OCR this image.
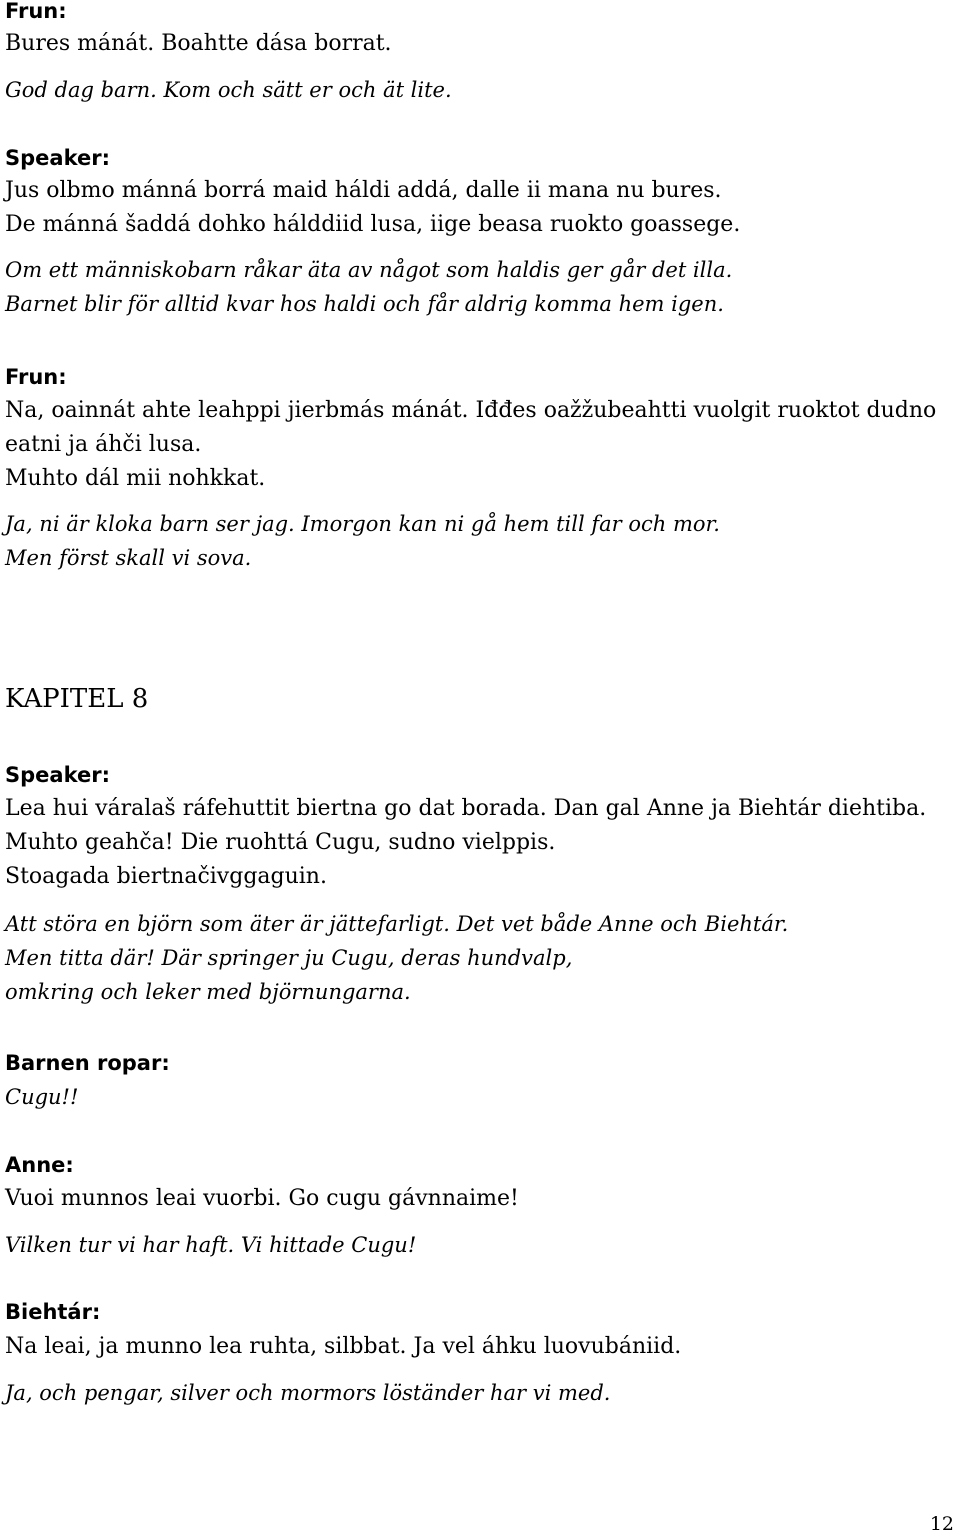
Frun:
Bures mánát. Boahtte dása borrat.
God dag barn. Kom och sätt er och ät lite.
Speaker:
Jus olbmo mánná borrá maid háldi addá, dalle ii mana nu bures.
De mánná šaddá dohko hálddiid lusa, iige beasa ruokto goassege.
Om ett människobarn råkar äta av något som haldis ger går det illa.
Barnet blir för alltid kvar hos haldi och får aldrig komma hem igen.
Frun:
Na, oainnát ahte leahppi jierbmás mánát. Iđđes oažžubeahtti vuolgit ruoktot dudno
eatni ja áhči lusa.
Muhto dál mii nohkkat.
Ja, ni är kloka barn ser jag. Imorgon kan ni gå hem till far och mor.
Men först skall vi sova.
KAPITEL 8
Speaker:
Lea hui váralaš ráfehuttit biertna go dat borada. Dan gal Anne ja Biehtár diehtiba.
Muhto geahča! Die ruohttá Cugu, sudno vielppis.
Stoagada biertnačivggaguin.
Att störa en björn som äter är jättefarligt. Det vet både Anne och Biehtár.
Men titta där! Där springer ju Cugu, deras hundvalp,
omkring och leker med björnungarna.
Barnen ropar:
Cugu!!
Anne:
Vuoi munnos leai vuorbi. Go cugu gávnnaime!
Vilken tur vi har haft. Vi hittade Cugu!
Biehtár:
Na leai, ja munno lea ruhta, silbbat. Ja vel áhku luovubániid.
Ja, och pengar, silver och mormors löständer har vi med.
12
